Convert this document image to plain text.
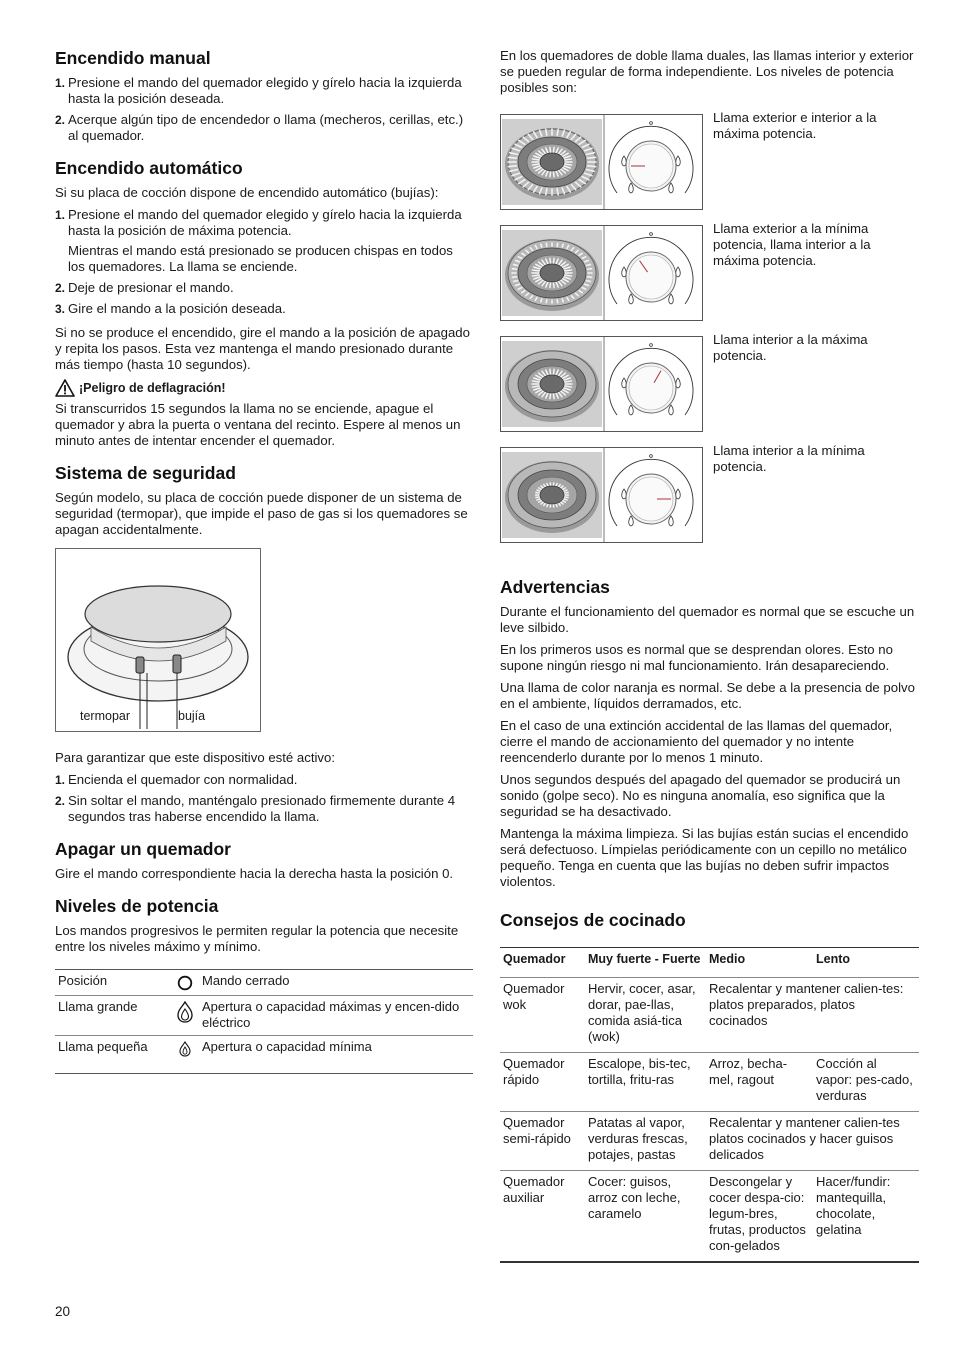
Encendido manual
1. Presione el mando del quemador elegido y gírelo hacia la izquierda hasta la posición deseada.
2. Acerque algún tipo de encendedor o llama (mecheros, cerillas, etc.) al quemador.
Encendido automático

Si su placa de cocción dispone de encendido automático (bujías):

1. Presione el mando del quemador elegido y gírelo hacia la izquierda hasta la posición de máxima potencia.
Mientras el mando está presionado se producen chispas en todos los quemadores. La llama se enciende.
2. Deje de presionar el mando.
3. Gire el mando a la posición deseada.

Si no se produce el encendido, gire el mando a la posición de apagado y repita los pasos. Esta vez mantenga el mando presionado durante más tiempo (hasta 10 segundos).

¡Peligro de deflagración!

Si transcurridos 15 segundos la llama no se enciende, apague el quemador y abra la puerta o ventana del recinto. Espere al menos un minuto antes de intentar encender el quemador.

Sistema de seguridad

Según modelo, su placa de cocción puede disponer de un sistema de seguridad (termopar), que impide el paso de gas si los quemadores se apagan accidentalmente.

termopar	bujía

Para garantizar que este dispositivo esté activo:

1. Encienda el quemador con normalidad.
2. Sin soltar el mando, manténgalo presionado firmemente durante 4 segundos tras haberse encendido la llama.
Apagar un quemador

Gire el mando correspondiente hacia la derecha hasta la posición 0.

Niveles de potencia

Los mandos progresivos le permiten regular la potencia que necesite entre los niveles máximo y mínimo.

Posición	Mando cerrado
Llama grande	Apertura o capacidad máximas y encen-dido eléctrico
Llama pequeña	Apertura o capacidad mínima

En los quemadores de doble llama duales, las llamas interior y exterior se pueden regular de forma independiente. Los niveles de potencia posibles son:

Llama exterior e interior a la máxima potencia.
Llama exterior a la mínima potencia, llama interior a la máxima potencia.
Llama interior a la máxima potencia.
Llama interior a la mínima potencia.
Advertencias

Durante el funcionamiento del quemador es normal que se escuche un leve silbido.

En los primeros usos es normal que se desprendan olores. Esto no supone ningún riesgo ni mal funcionamiento. Irán desapareciendo.

Una llama de color naranja es normal. Se debe a la presencia de polvo en el ambiente, líquidos derramados, etc.

En el caso de una extinción accidental de las llamas del quemador, cierre el mando de accionamiento del quemador y no intente reencenderlo durante por lo menos 1 minuto.

Unos segundos después del apagado del quemador se producirá un sonido (golpe seco). No es ninguna anomalía, eso significa que la seguridad se ha desactivado.

Mantenga la máxima limpieza. Si las bujías están sucias el encendido será defectuoso. Límpielas periódicamente con un cepillo no metálico pequeño. Tenga en cuenta que las bujías no deben sufrir impactos violentos.

Consejos de cocinado
Quemador	Muy fuerte - Fuerte	Medio	Lento
Quemador wok	Hervir, cocer, asar, dorar, pae-llas, comida asiá-tica (wok)	Recalentar y mantener calien-tes: platos preparados, platos cocinados	
Quemador rápido	Escalope, bis-tec, tortilla, fritu-ras	Arroz, becha-mel, ragout	Cocción al vapor: pes-cado, verduras
Quemador semi-rápido	Patatas al vapor, verduras frescas, potajes, pastas	Recalentar y mantener calien-tes platos cocinados y hacer guisos delicados	
Quemador auxiliar	Cocer: guisos, arroz con leche, caramelo	Descongelar y cocer despa-cio: legum-bres, frutas, productos con-gelados	Hacer/fundir: mantequilla, chocolate, gelatina
20
